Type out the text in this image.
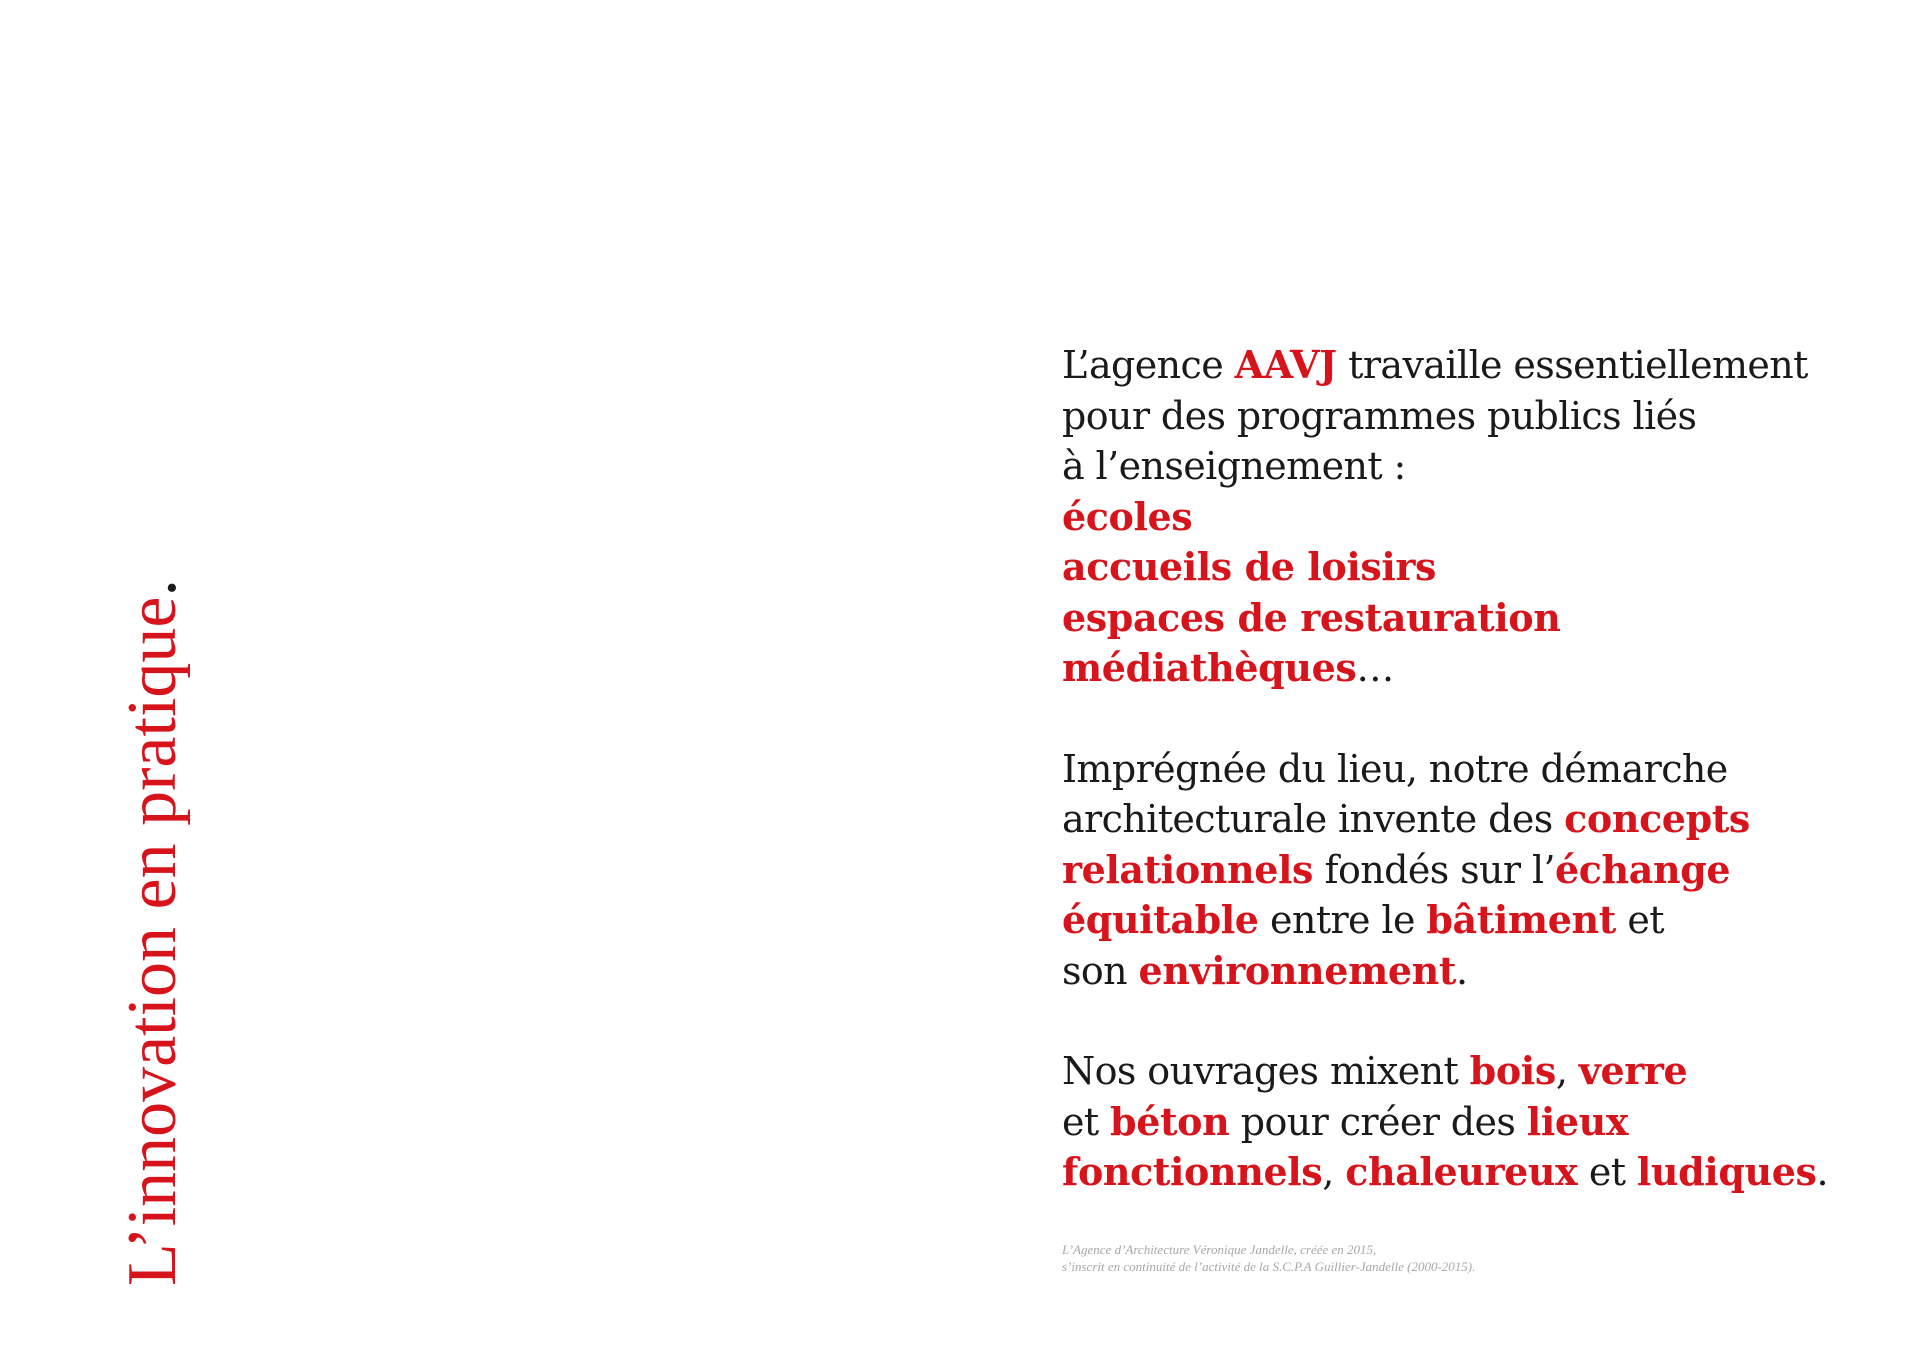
L’innovation en pratique.

L’agence AAVJ travaille essentiellement
pour des programmes publics liés
à l’enseignement :
écoles
accueils de loisirs
espaces de restauration
médiathèques…

Imprégnée du lieu, notre démarche
architecturale invente des concepts
relationnels fondés sur l’échange
équitable entre le bâtiment et
son environnement.

Nos ouvrages mixent bois, verre
et béton pour créer des lieux
fonctionnels, chaleureux et ludiques.

L’Agence d’Architecture Véronique Jandelle, créée en 2015,
s’inscrit en continuité de l’activité de la S.C.P.A Guillier-Jandelle (2000-2015).
